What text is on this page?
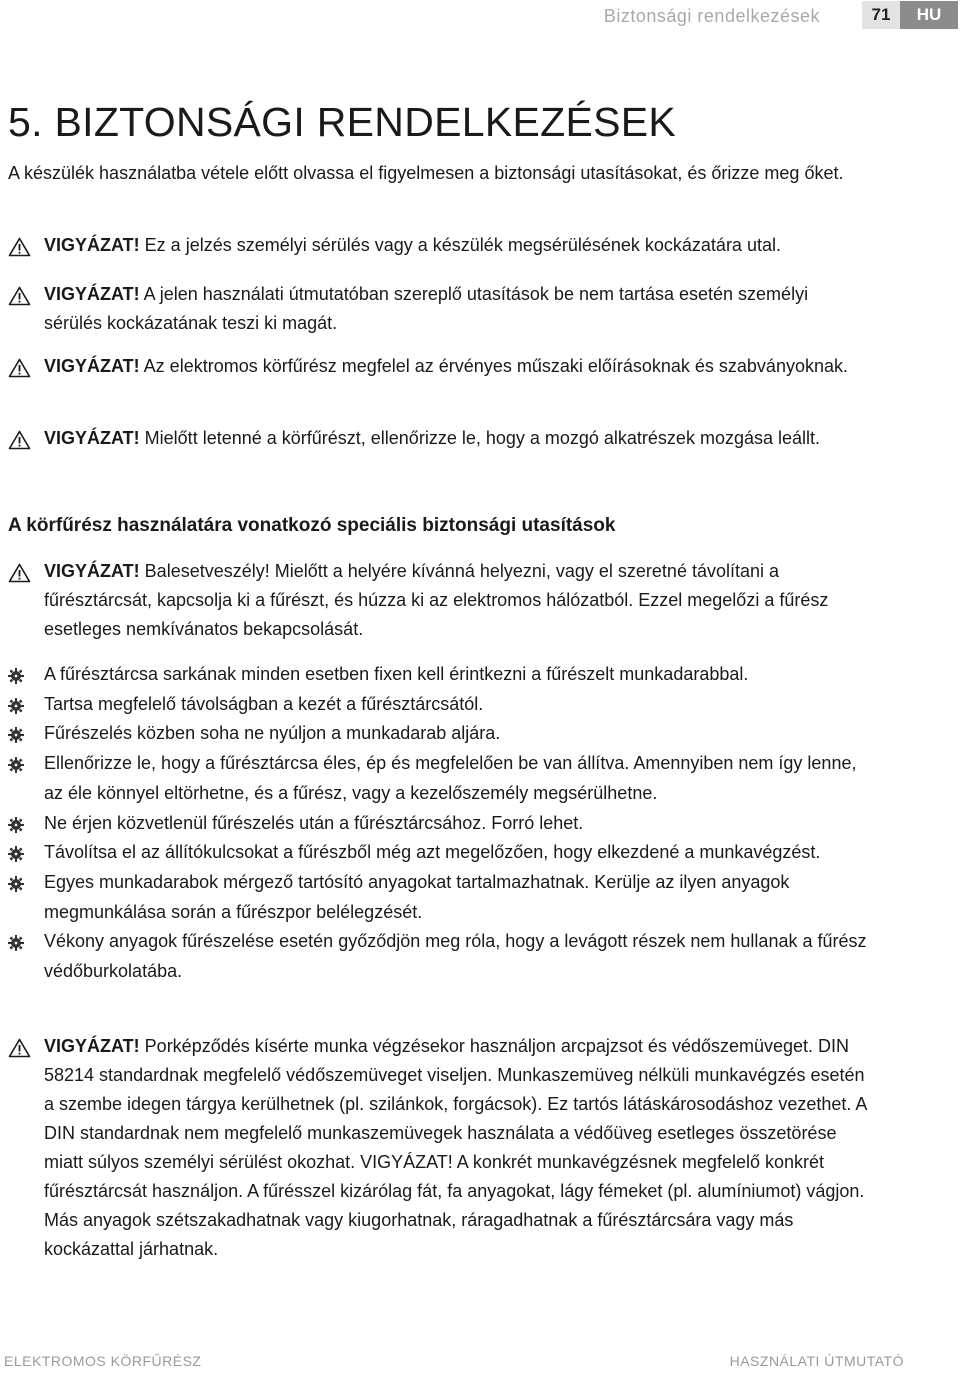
Biztonsági rendelkezések	71	HU
5. BIZTONSÁGI RENDELKEZÉSEK

A készülék használatba vétele előtt olvassa el figyelmesen a biztonsági utasításokat, és őrizze meg őket.

VIGYÁZAT! Ez a jelzés személyi sérülés vagy a készülék megsérülésének kockázatára utal.
VIGYÁZAT! A jelen használati útmutatóban szereplő utasítások be nem tartása esetén személyi sérülés kockázatának teszi ki magát.
VIGYÁZAT! Az elektromos körfűrész megfelel az érvényes műszaki előírásoknak és szabványoknak.
VIGYÁZAT! Mielőtt letenné a körfűrészt, ellenőrizze le, hogy a mozgó alkatrészek mozgása leállt.
A körfűrész használatára vonatkozó speciális biztonsági utasítások
VIGYÁZAT! Balesetveszély! Mielőtt a helyére kívánná helyezni, vagy el szeretné távolítani a fűrésztárcsát, kapcsolja ki a fűrészt, és húzza ki az elektromos hálózatból. Ezzel megelőzi a fűrész esetleges nemkívánatos bekapcsolását.
A fűrésztárcsa sarkának minden esetben fixen kell érintkezni a fűrészelt munkadarabbal.
Tartsa megfelelő távolságban a kezét a fűrésztárcsától.
Fűrészelés közben soha ne nyúljon a munkadarab aljára.
Ellenőrizze le, hogy a fűrésztárcsa éles, ép és megfelelően be van állítva. Amennyiben nem így lenne, az éle könnyel eltörhetne, és a fűrész, vagy a kezelőszemély megsérülhetne.
Ne érjen közvetlenül fűrészelés után a fűrésztárcsához. Forró lehet.
Távolítsa el az állítókulcsokat a fűrészből még azt megelőzően, hogy elkezdené a munkavégzést.
Egyes munkadarabok mérgező tartósító anyagokat tartalmazhatnak. Kerülje az ilyen anyagok megmunkálása során a fűrészpor belélegzését.
Vékony anyagok fűrészelése esetén győződjön meg róla, hogy a levágott részek nem hullanak a fűrész védőburkolatába.
VIGYÁZAT! Porképződés kísérte munka végzésekor használjon arcpajzsot és védőszemüveget. DIN 58214 standardnak megfelelő védőszemüveget viseljen. Munkaszemüveg nélküli munkavégzés esetén a szembe idegen tárgya kerülhetnek (pl. szilánkok, forgácsok). Ez tartós látáskárosodáshoz vezethet. A DIN standardnak nem megfelelő munkaszemüvegek használata a védőüveg esetleges összetörése miatt súlyos személyi sérülést okozhat. VIGYÁZAT! A konkrét munkavégzésnek megfelelő konkrét fűrésztárcsát használjon. A fűrésszel kizárólag fát, fa anyagokat, lágy fémeket (pl. alumíniumot) vágjon. Más anyagok szétszakadhatnak vagy kiugorhatnak, ráragadhatnak a fűrésztárcsára vagy más kockázattal járhatnak.
ELEKTROMOS KÖRFŰRÉSZ	HASZNÁLATI ÚTMUTATÓ
